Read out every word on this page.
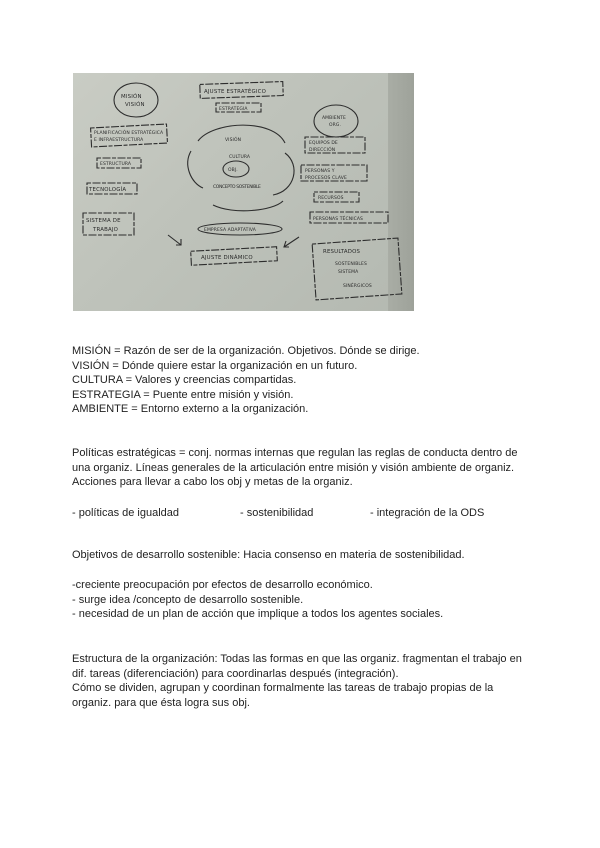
AJUSTE ESTRATÉGICO
ESTRATEGIA
MISIÓN
VISIÓN
AMBIENTE
ORG.
PLANIFICACIÓN ESTRATÉGICA
E INFRAESTRUCTURA
ESTRUCTURA
TECNOLOGÍA
SISTEMA DE
TRABAJO
EQUIPOS DE
DIRECCIÓN
PERSONAS Y
PROCESOS CLAVE
RECURSOS
PERSONAS TÉCNICAS
VISIÓN
CULTURA
OBJ.
CONCEPTO SOSTENIBLE
EMPRESA ADAPTATIVA
AJUSTE DINÁMICO
RESULTADOS
SOSTENIBLES
SISTEMA
SINÉRGICOS

MISIÓN = Razón de ser de la organización. Objetivos. Dónde se dirige.

VISIÓN = Dónde quiere estar la organización en un futuro.

CULTURA = Valores y creencias compartidas.

ESTRATEGIA = Puente entre misión y visión.

AMBIENTE = Entorno externo a la organización.

Políticas estratégicas = conj. normas internas que regulan las reglas de conducta dentro de

una organiz. Líneas generales de la articulación entre misión y visión ambiente de organiz.

Acciones para llevar a cabo los obj y metas de la organiz.

- políticas de igualdad	- sostenibilidad	- integración de la ODS

Objetivos de desarrollo sostenible: Hacia consenso en materia de sostenibilidad.

-creciente preocupación por efectos de desarrollo económico.

- surge idea /concepto de desarrollo sostenible.

- necesidad de un plan de acción que implique a todos los agentes sociales.

Estructura de la organización: Todas las formas en que las organiz. fragmentan el trabajo en

dif. tareas (diferenciación) para coordinarlas después (integración).

Cómo se dividen, agrupan y coordinan formalmente las tareas de trabajo propias de la

organiz. para que ésta logra sus obj.
